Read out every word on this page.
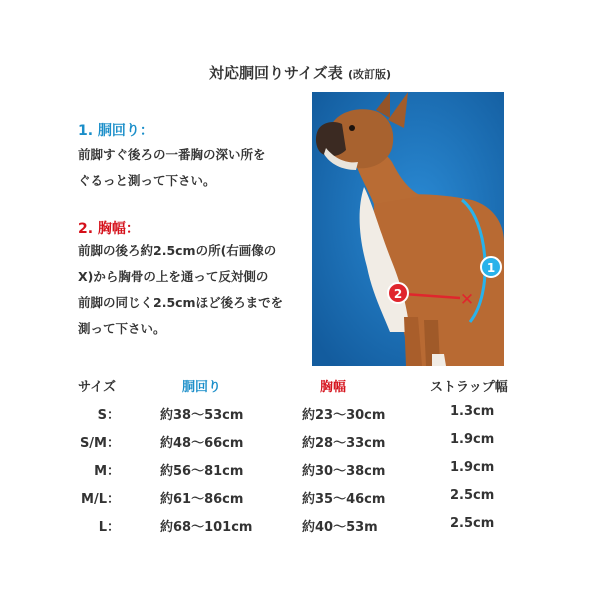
対応胴回りサイズ表 (改訂版)
1. 胴回り：
前脚すぐ後ろの一番胸の深い所を
ぐるっと測って下さい。
2. 胸幅：
前脚の後ろ約2.5cmの所(右画像の
X)から胸骨の上を通って反対側の
前脚の同じく2.5cmほど後ろまでを
測って下さい。
1
2	✕
サイズ	胴回り	胸幅	ストラップ幅
S：	約38〜53cm	約23〜30cm	1.3cm
S/M：	約48〜66cm	約28〜33cm	1.9cm
M：	約56〜81cm	約30〜38cm	1.9cm
M/L：	約61〜86cm	約35〜46cm	2.5cm
L：	約68〜101cm	約40〜53m	2.5cm
